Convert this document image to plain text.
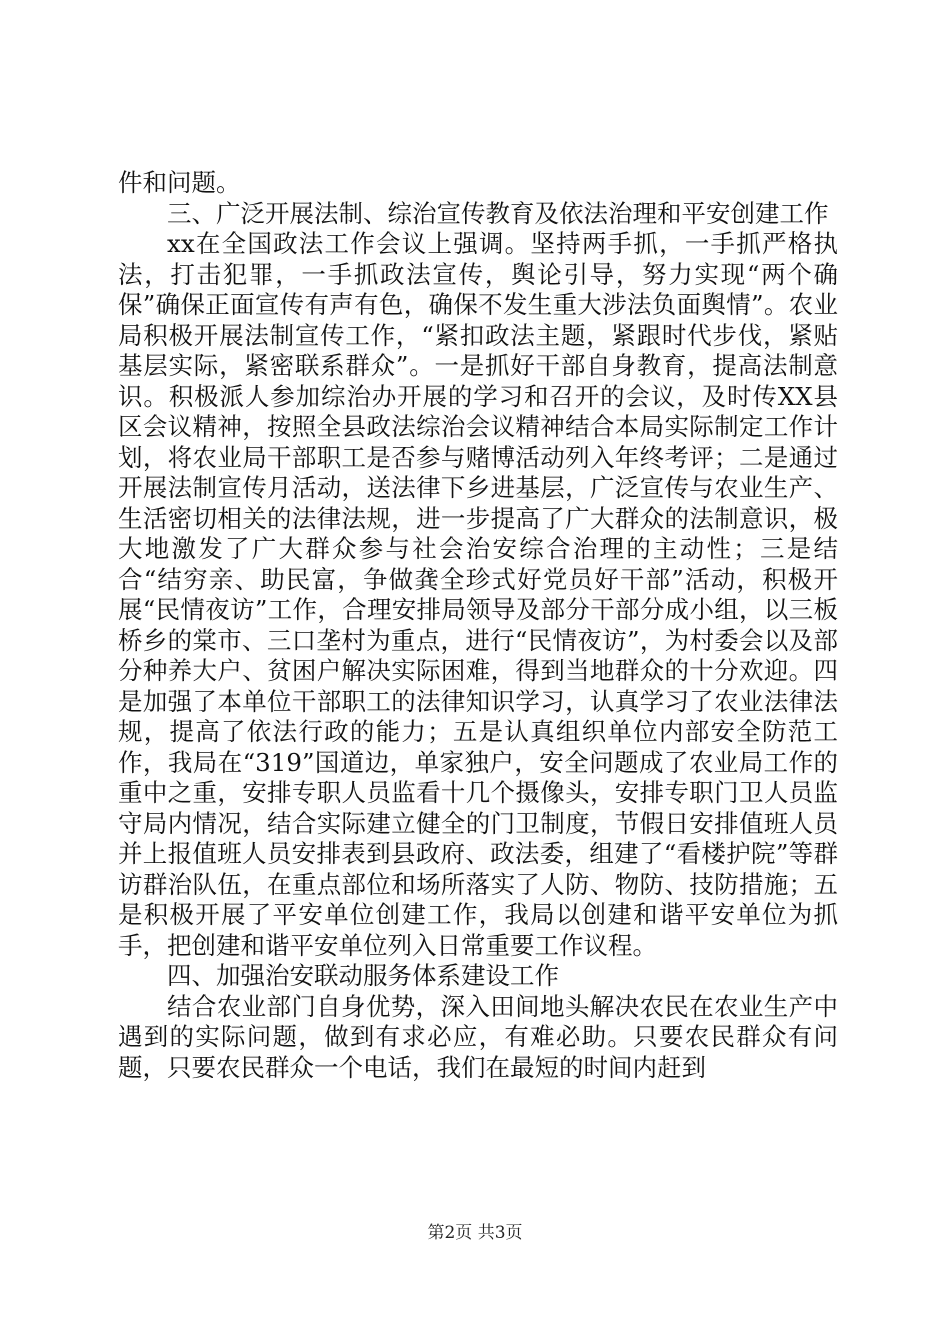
件和问题。

三、广泛开展法制、综治宣传教育及依法治理和平安创建工作

xx在全国政法工作会议上强调。坚持两手抓，一手抓严格执法，打击犯罪，一手抓政法宣传，舆论引导，努力实现“两个确保”确保正面宣传有声有色，确保不发生重大涉法负面舆情”。农业局积极开展法制宣传工作，“紧扣政法主题，紧跟时代步伐，紧贴基层实际，紧密联系群众”。一是抓好干部自身教育，提高法制意识。积极派人参加综治办开展的学习和召开的会议，及时传XX县区会议精神，按照全县政法综治会议精神结合本局实际制定工作计划，将农业局干部职工是否参与赌博活动列入年终考评；二是通过开展法制宣传月活动，送法律下乡进基层，广泛宣传与农业生产、生活密切相关的法律法规，进一步提高了广大群众的法制意识，极大地激发了广大群众参与社会治安综合治理的主动性；三是结合“结穷亲、助民富，争做龚全珍式好党员好干部”活动，积极开展“民情夜访”工作，合理安排局领导及部分干部分成小组，以三板桥乡的棠市、三口垄村为重点，进行“民情夜访”，为村委会以及部分种养大户、贫困户解决实际困难，得到当地群众的十分欢迎。四是加强了本单位干部职工的法律知识学习，认真学习了农业法律法规，提高了依法行政的能力；五是认真组织单位内部安全防范工作，我局在“319”国道边，单家独户，安全问题成了农业局工作的重中之重，安排专职人员监看十几个摄像头，安排专职门卫人员监守局内情况，结合实际建立健全的门卫制度，节假日安排值班人员并上报值班人员安排表到县政府、政法委，组建了“看楼护院”等群访群治队伍，在重点部位和场所落实了人防、物防、技防措施；五是积极开展了平安单位创建工作，我局以创建和谐平安单位为抓手，把创建和谐平安单位列入日常重要工作议程。

四、加强治安联动服务体系建设工作

结合农业部门自身优势，深入田间地头解决农民在农业生产中遇到的实际问题，做到有求必应，有难必助。只要农民群众有问题，只要农民群众一个电话，我们在最短的时间内赶到

第2页 共3页
